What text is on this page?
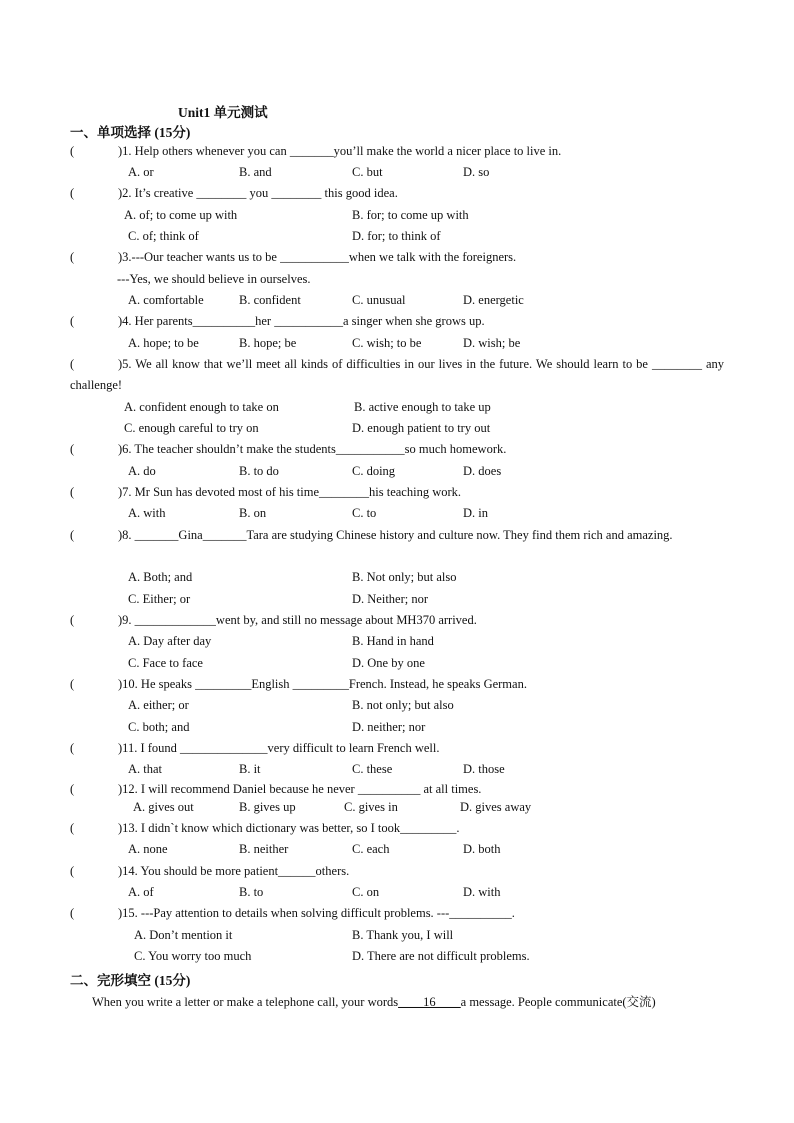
Unit1 单元测试
一、单项选择 (15分)
(	)1. Help others whenever you can _______you’ll make the world a nicer place to live in.
A. or	B. and	C. but	D. so
(	)2. It’s creative ________ you ________ this good idea.
A. of; to come up with	B. for; to come up with
C. of; think of	D. for; to think of
(	)3.---Our teacher wants us to be ___________when we talk with the foreigners.
---Yes, we should believe in ourselves.
A. comfortable	B. confident	C. unusual	D. energetic
(	)4. Her parents__________her ___________a singer when she grows up.
A. hope; to be	B. hope; be	C. wish; to be	D. wish; be
(	)5. We all know that we’ll meet all kinds of difficulties in our lives in the future. We should learn to be ________ any challenge!
A. confident enough to take on	B. active enough to take up
C. enough careful to try on	D. enough patient to try out
(	)6. The teacher shouldn’t make the students___________so much homework.
A. do	B. to do	C. doing	D. does
(	)7. Mr Sun has devoted most of his time________his teaching work.
A. with	B. on	C. to	D. in
(	)8. _______Gina_______Tara are studying Chinese history and culture now. They find them rich and amazing.
A. Both; and	B. Not only; but also
C. Either; or	D. Neither; nor
(	)9. _____________went by, and still no message about MH370 arrived.
A. Day after day	B. Hand in hand
C. Face to face	D. One by one
(	)10. He speaks _________English _________French. Instead, he speaks German.
A. either; or	B. not only; but also
C. both; and	D. neither; nor
(	)11. I found ______________very difficult to learn French well.
A. that	B. it	C. these	D. those
(	)12. I will recommend Daniel because he never __________ at all times.
A. gives out	B. gives up	C. gives in	D. gives away
(	)13. I didn`t know which dictionary was better, so I took_________.
A. none	B. neither	C. each	D. both
(	)14. You should be more patient______others.
A. of	B. to	C. on	D. with
(	)15. ---Pay attention to details when solving difficult problems. ---__________.
A. Don’t mention it	B. Thank you, I will
C. You worry too much	D. There are not difficult problems.
二、完形填空 (15分)
When you write a letter or make a telephone call, your words____16____a message. People communicate(交流)
